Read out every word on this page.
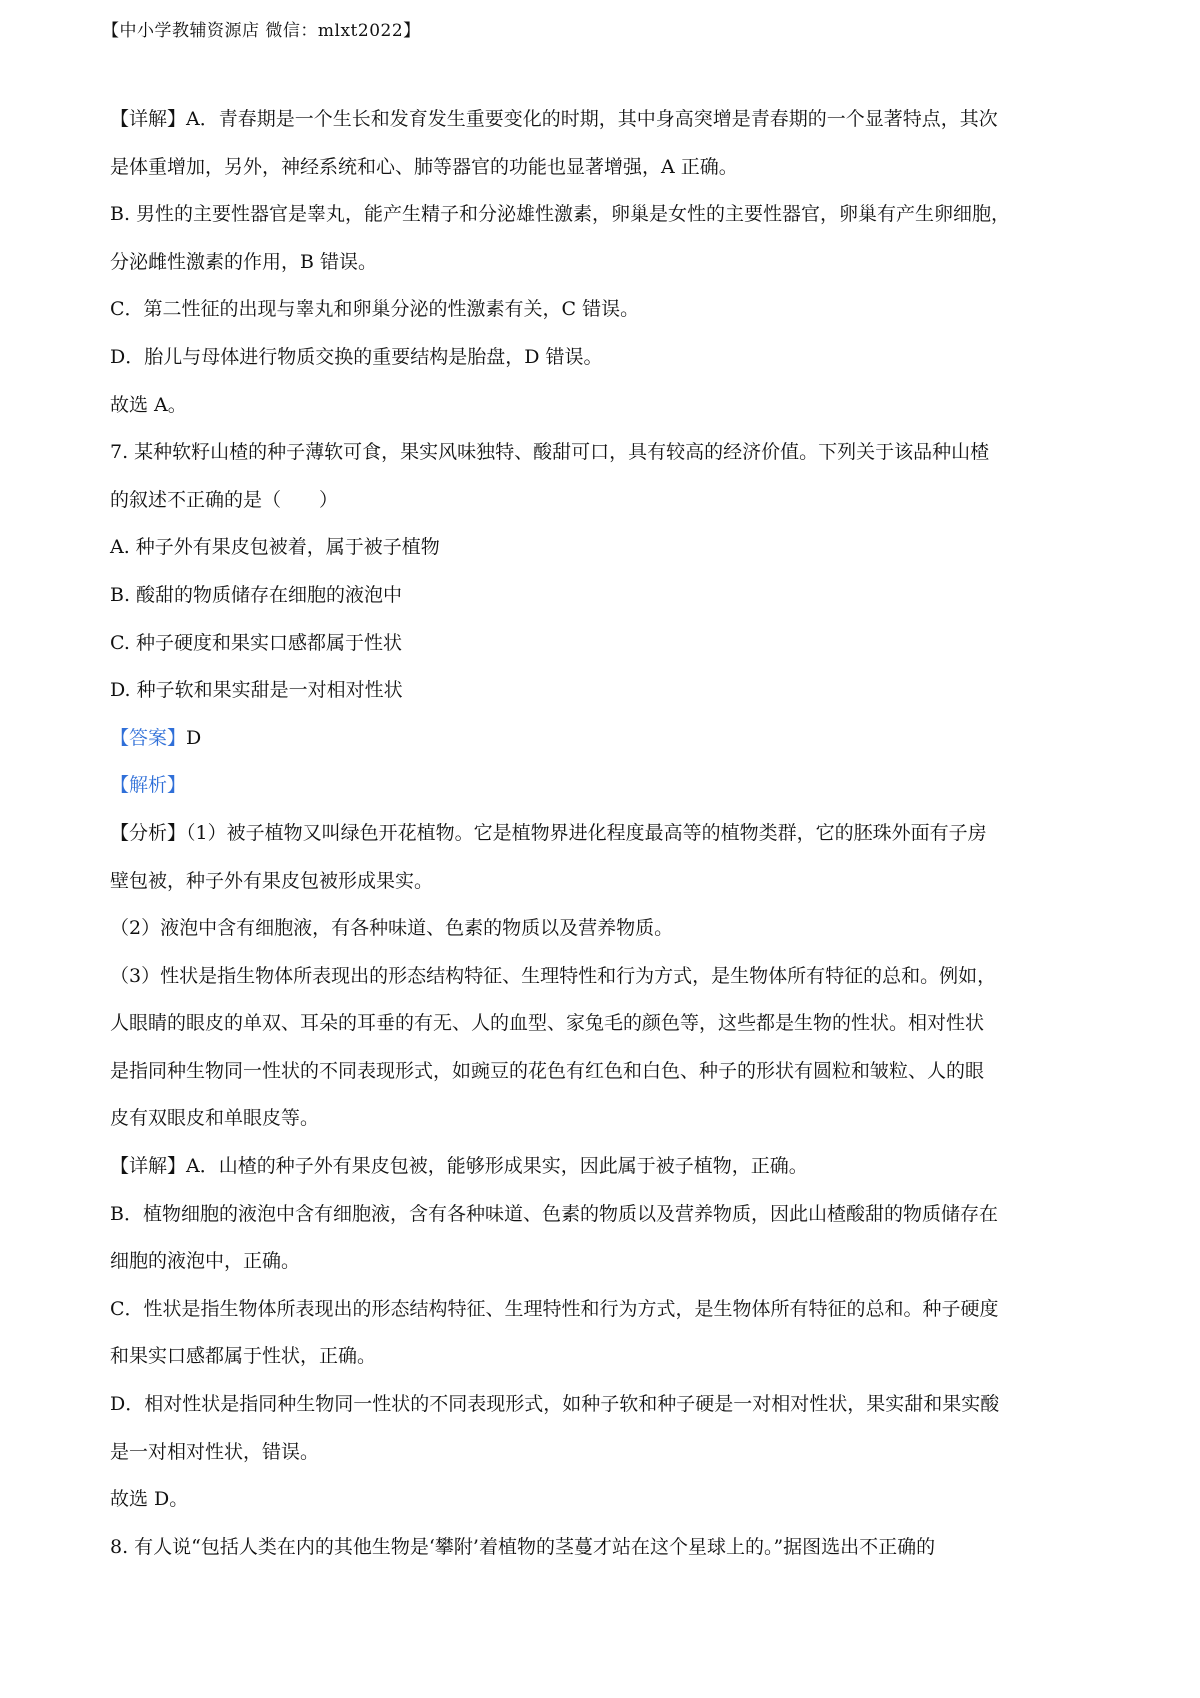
【中小学教辅资源店 微信：mlxt2022】
【详解】A．青春期是一个生长和发育发生重要变化的时期，其中身高突增是青春期的一个显著特点，其次
是体重增加，另外，神经系统和心、肺等器官的功能也显著增强，A 正确。
B. 男性的主要性器官是睾丸，能产生精子和分泌雄性激素，卵巢是女性的主要性器官，卵巢有产生卵细胞，
分泌雌性激素的作用，B 错误。
C．第二性征的出现与睾丸和卵巢分泌的性激素有关，C 错误。
D．胎儿与母体进行物质交换的重要结构是胎盘，D 错误。
故选 A。
7. 某种软籽山楂的种子薄软可食，果实风味独特、酸甜可口，具有较高的经济价值。下列关于该品种山楂
的叙述不正确的是（　　）
A. 种子外有果皮包被着，属于被子植物
B. 酸甜的物质储存在细胞的液泡中
C. 种子硬度和果实口感都属于性状
D. 种子软和果实甜是一对相对性状
【答案】D
【解析】
【分析】（1）被子植物又叫绿色开花植物。它是植物界进化程度最高等的植物类群，它的胚珠外面有子房
壁包被，种子外有果皮包被形成果实。
（2）液泡中含有细胞液，有各种味道、色素的物质以及营养物质。
（3）性状是指生物体所表现出的形态结构特征、生理特性和行为方式，是生物体所有特征的总和。例如，
人眼睛的眼皮的单双、耳朵的耳垂的有无、人的血型、家兔毛的颜色等，这些都是生物的性状。相对性状
是指同种生物同一性状的不同表现形式，如豌豆的花色有红色和白色、种子的形状有圆粒和皱粒、人的眼
皮有双眼皮和单眼皮等。
【详解】A．山楂的种子外有果皮包被，能够形成果实，因此属于被子植物，正确。
B．植物细胞的液泡中含有细胞液，含有各种味道、色素的物质以及营养物质，因此山楂酸甜的物质储存在
细胞的液泡中，正确。
C．性状是指生物体所表现出的形态结构特征、生理特性和行为方式，是生物体所有特征的总和。种子硬度
和果实口感都属于性状，正确。
D．相对性状是指同种生物同一性状的不同表现形式，如种子软和种子硬是一对相对性状，果实甜和果实酸
是一对相对性状，错误。
故选 D。
8. 有人说“包括人类在内的其他生物是‘攀附’着植物的茎蔓才站在这个星球上的。”据图选出不正确的
